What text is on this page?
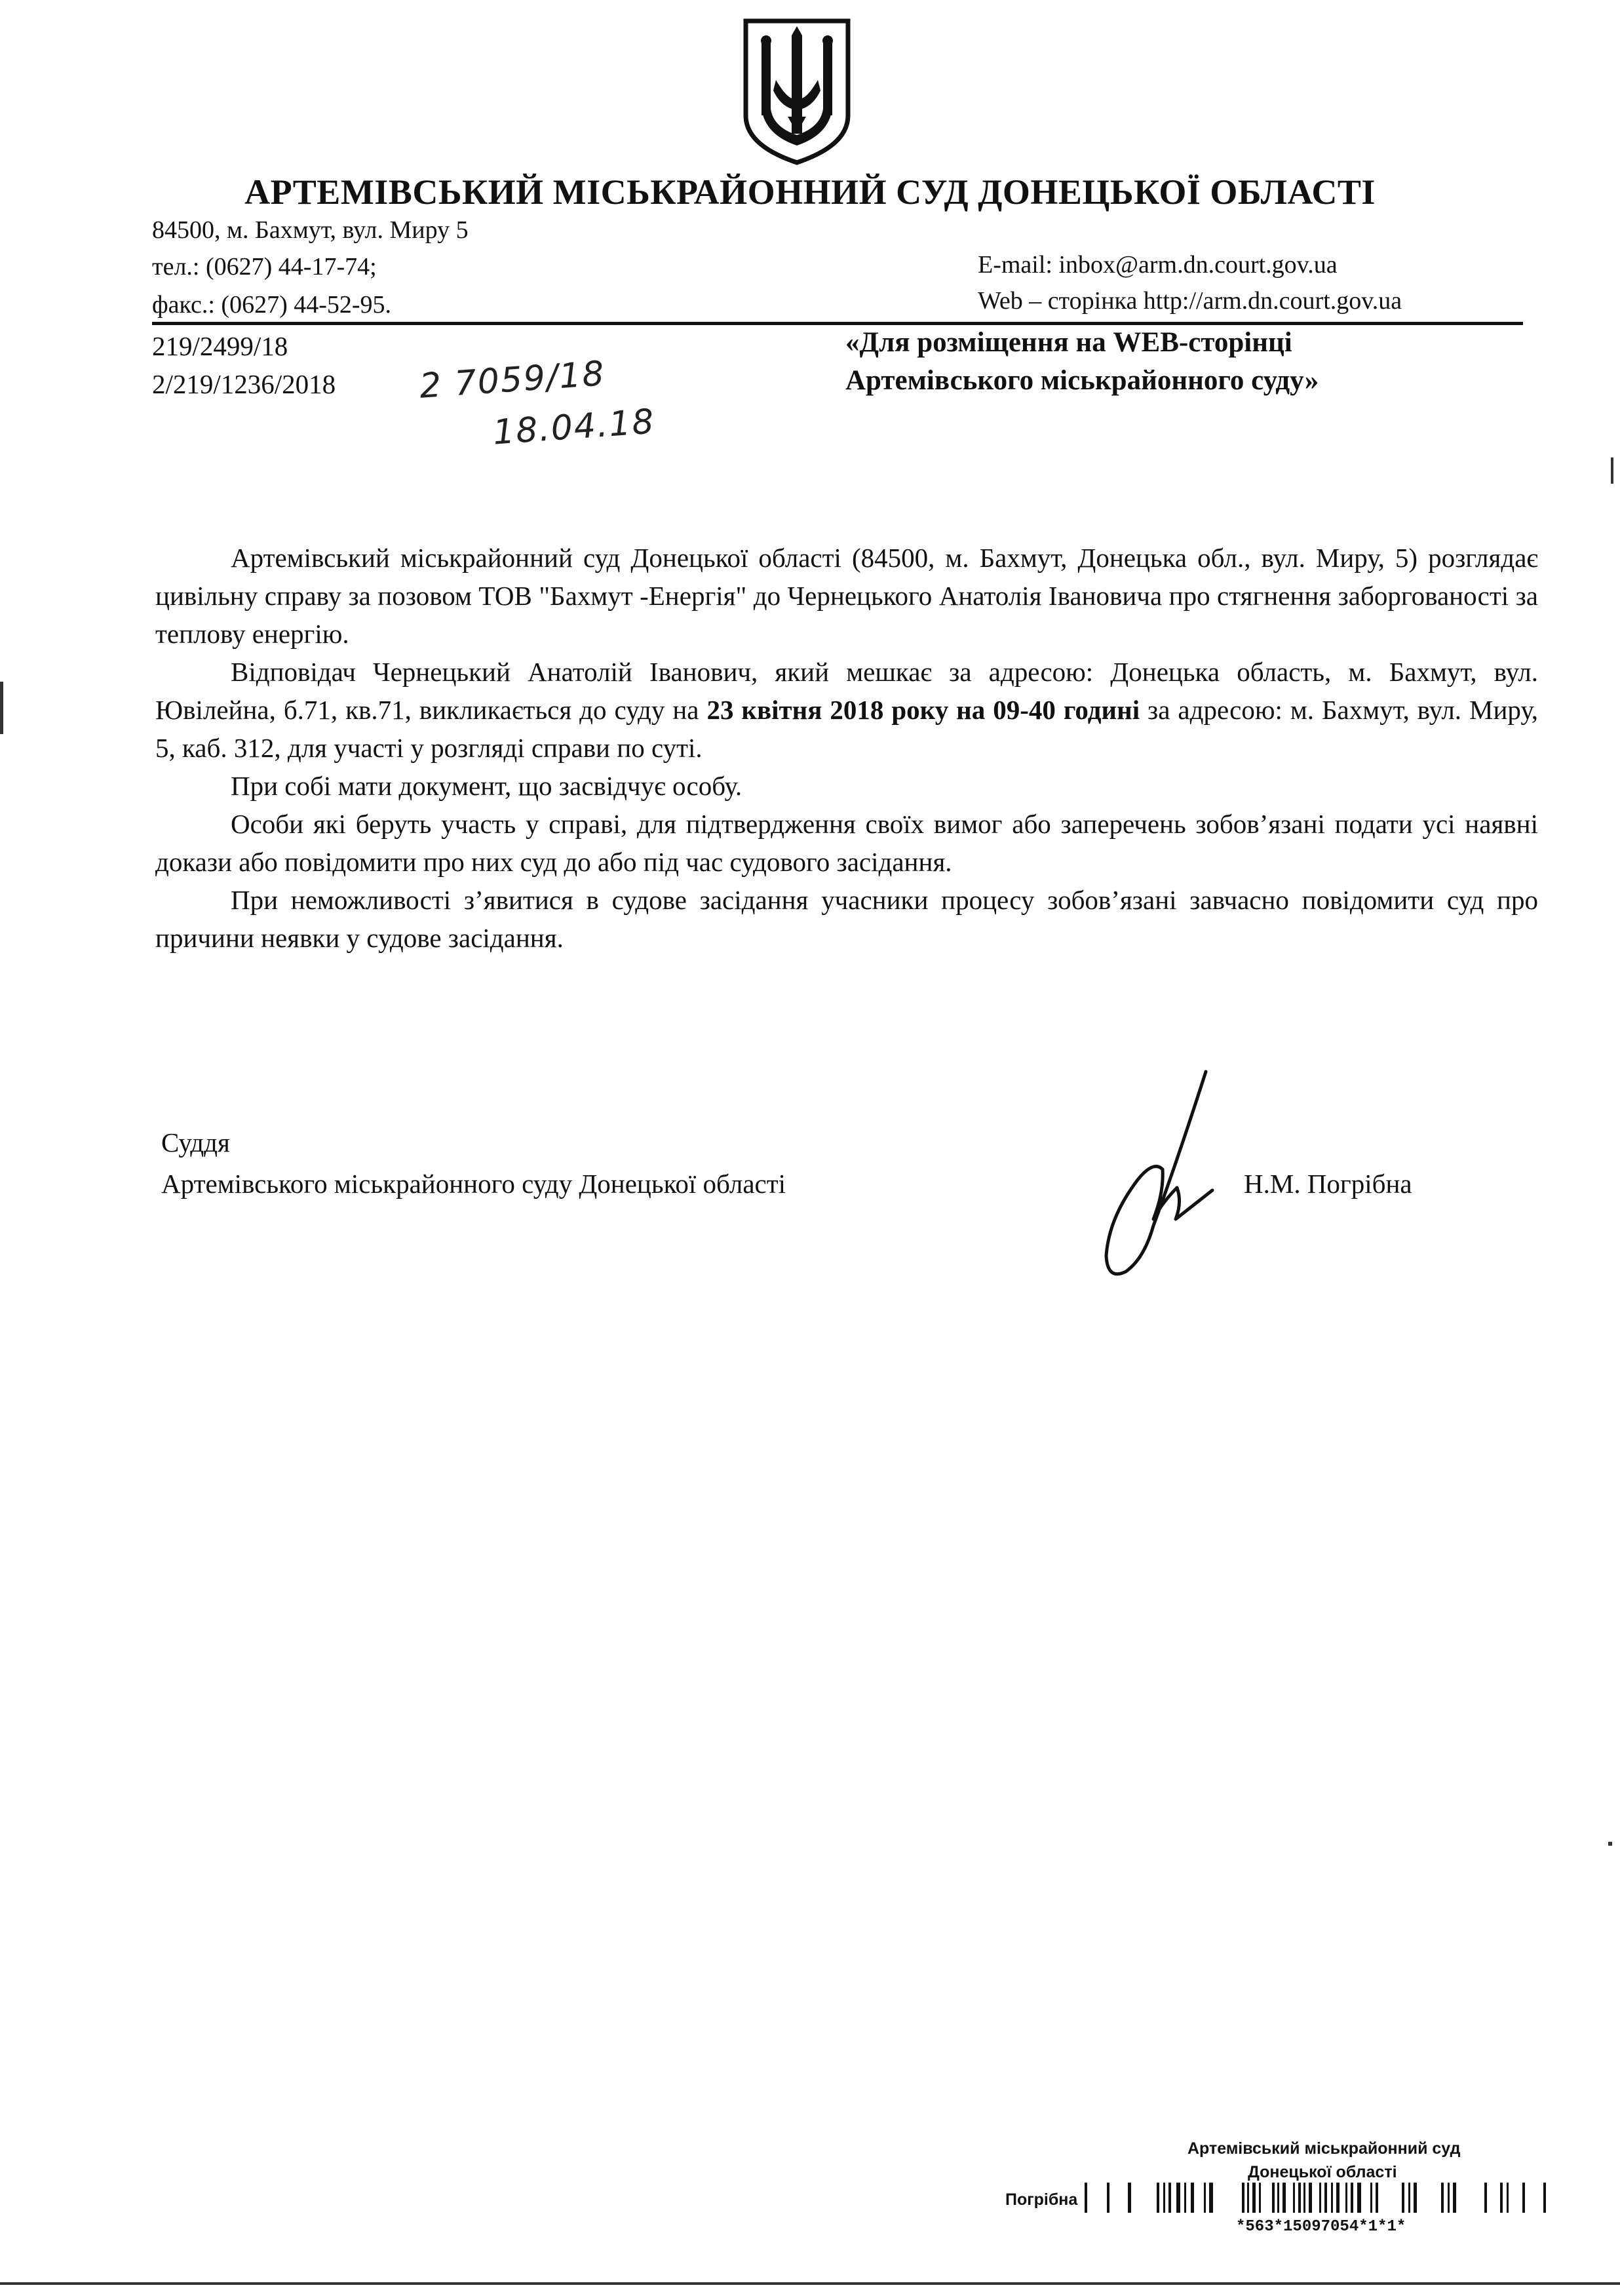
АРТЕМІВСЬКИЙ МІСЬКРАЙОННИЙ СУД ДОНЕЦЬКОЇ ОБЛАСТІ
84500, м. Бахмут, вул. Миру 5
тел.: (0627) 44-17-74;
факс.: (0627) 44-52-95.
E-mail: inbox@arm.dn.court.gov.ua
Web – сторінка http://arm.dn.court.gov.ua
219/2499/18
2/219/1236/2018 2 7059/18
18.04.18
«Для розміщення на WEB-сторінці
Артемівського міськрайонного суду»

Артемівський міськрайонний суд Донецької області (84500, м. Бахмут, Донецька обл., вул. Миру, 5) розглядає цивільну справу за позовом ТОВ "Бахмут -Енергія" до Чернецького Анатолія Івановича про стягнення заборгованості за теплову енергію.

Відповідач Чернецький Анатолій Іванович, який мешкає за адресою: Донецька область, м. Бахмут, вул. Ювілейна, б.71, кв.71, викликається до суду на 23 квітня 2018 року на 09-40 годині за адресою: м. Бахмут, вул. Миру, 5, каб. 312, для участі у розгляді справи по суті.

При собі мати документ, що засвідчує особу.

Особи які беруть участь у справі, для підтвердження своїх вимог або заперечень зобов’язані подати усі наявні докази або повідомити про них суд до або під час судового засідання.

При неможливості з’явитися в судове засідання учасники процесу зобов’язані завчасно повідомити суд про причини неявки у судове засідання.

Суддя
Артемівського міськрайонного суду Донецької області	Н.М. Погрібна
Артемівський міськрайонний суд
Донецької області
Погрібна
*563*15097054*1*1*
